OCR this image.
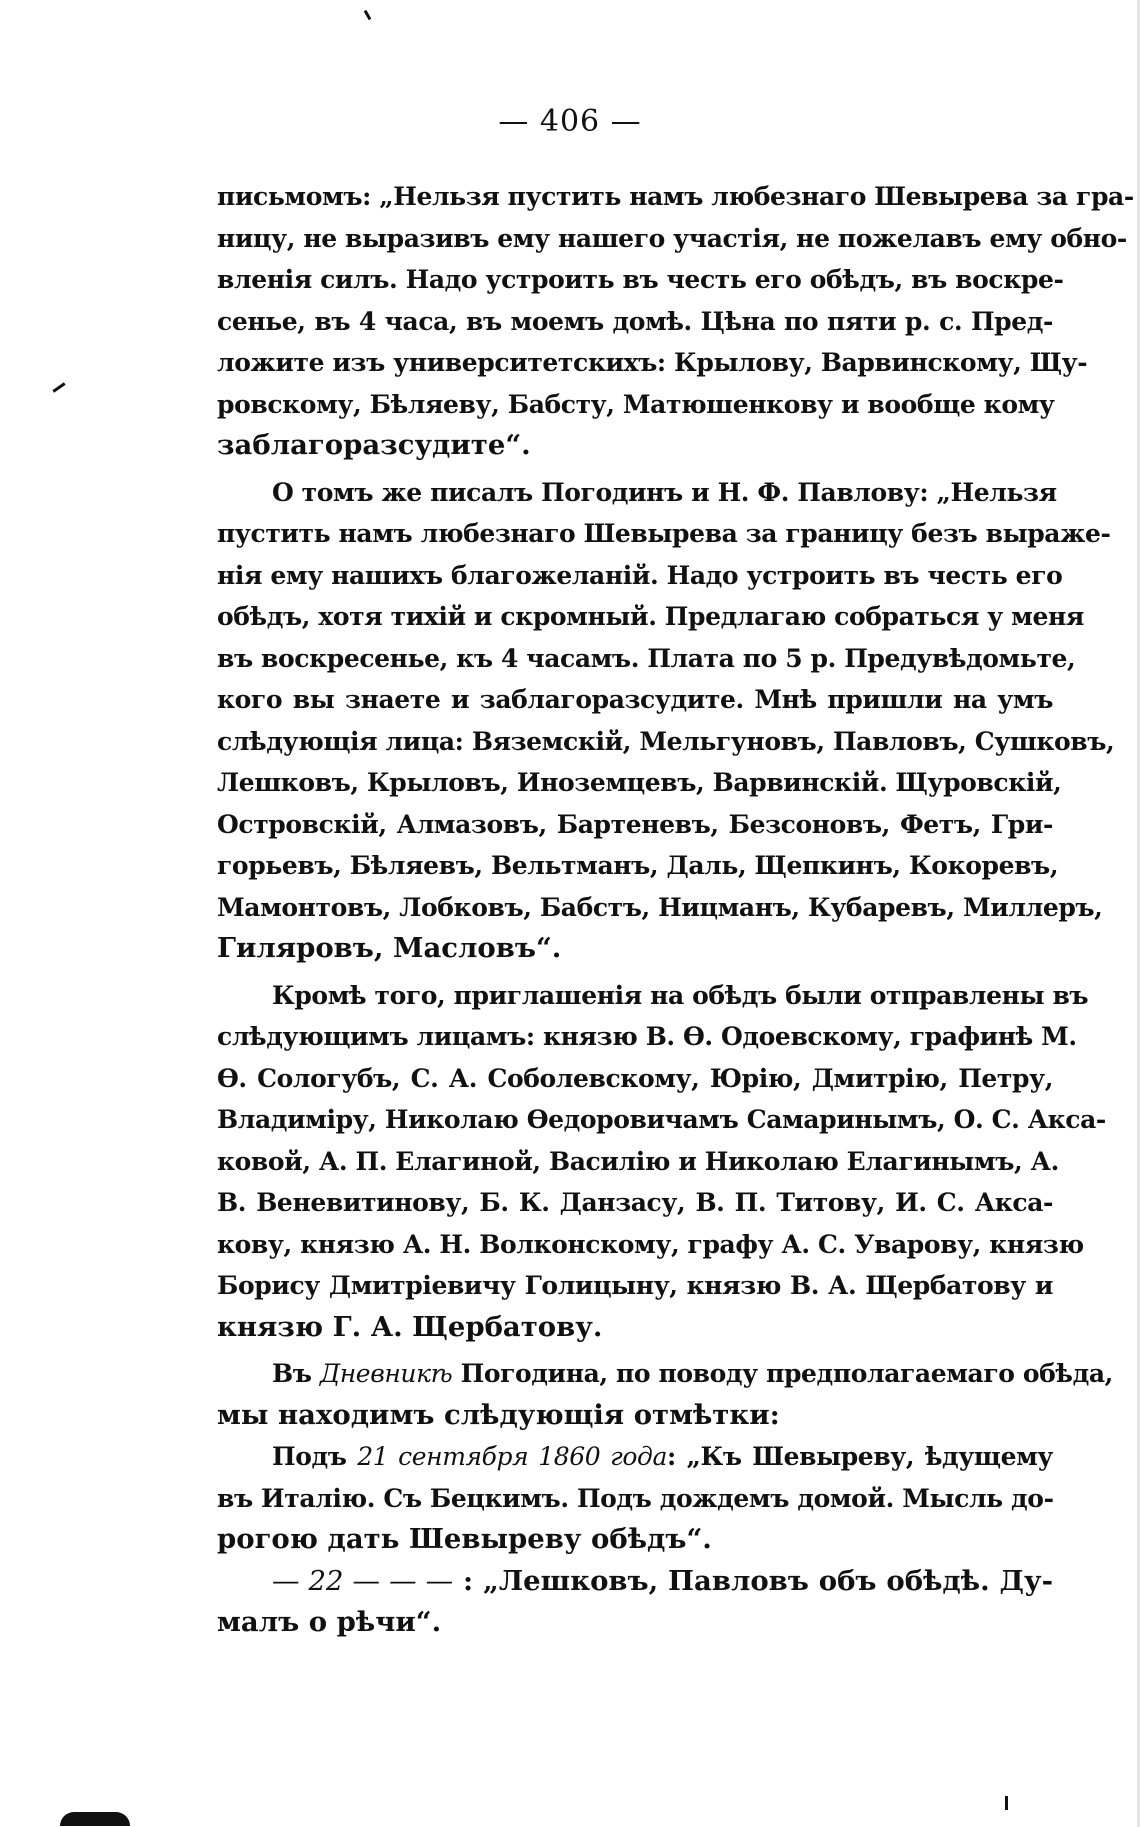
— 406 —
письмомъ: „Нельзя пустить намъ любезнаго Шевырева за гра-
ницу, не выразивъ ему нашего участія, не пожелавъ ему обно-
вленія силъ. Надо устроить въ честь его обѣдъ, въ воскре-
сенье, въ 4 часа, въ моемъ домѣ. Цѣна по пяти р. с. Пред-
ложите изъ университетскихъ: Крылову, Варвинскому, Щу-
ровскому, Бѣляеву, Бабсту, Матюшенкову и вообще кому
заблагоразсудите“.
О томъ же писалъ Погодинъ и Н. Ф. Павлову: „Нельзя
пустить намъ любезнаго Шевырева за границу безъ выраже-
нія ему нашихъ благожеланій. Надо устроить въ честь его
обѣдъ, хотя тихій и скромный. Предлагаю собраться у меня
въ воскресенье, къ 4 часамъ. Плата по 5 р. Предувѣдомьте,
кого вы знаете и заблагоразсудите. Мнѣ пришли на умъ
слѣдующія лица: Вяземскій, Мельгуновъ, Павловъ, Сушковъ,
Лешковъ, Крыловъ, Иноземцевъ, Варвинскій. Щуровскій,
Островскій, Алмазовъ, Бартеневъ, Безсоновъ, Фетъ, Гри-
горьевъ, Бѣляевъ, Вельтманъ, Даль, Щепкинъ, Кокоревъ,
Мамонтовъ, Лобковъ, Бабстъ, Ницманъ, Кубаревъ, Миллеръ,
Гиляровъ, Масловъ“.
Кромѣ того, приглашенія на обѣдъ были отправлены въ
слѣдующимъ лицамъ: князю В. Ѳ. Одоевскому, графинѣ М.
Ѳ. Сологубъ, С. А. Соболевскому, Юрію, Дмитрію, Петру,
Владиміру, Николаю Ѳедоровичамъ Самаринымъ, О. С. Акса-
ковой, А. П. Елагиной, Василію и Николаю Елагинымъ, А.
В. Веневитинову, Б. К. Данзасу, В. П. Титову, И. С. Акса-
кову, князю А. Н. Волконскому, графу А. С. Уварову, князю
Борису Дмитріевичу Голицыну, князю В. А. Щербатову и
князю Г. А. Щербатову.
Въ Дневникѣ Погодина, по поводу предполагаемаго обѣда,
мы находимъ слѣдующія отмѣтки:
Подъ 21 сентября 1860 года: „Къ Шевыреву, ѣдущему
въ Италію. Съ Бецкимъ. Подъ дождемъ домой. Мысль до-
рогою дать Шевыреву обѣдъ“.
— 22 — — — : „Лешковъ, Павловъ объ обѣдѣ. Ду-
малъ о рѣчи“.
